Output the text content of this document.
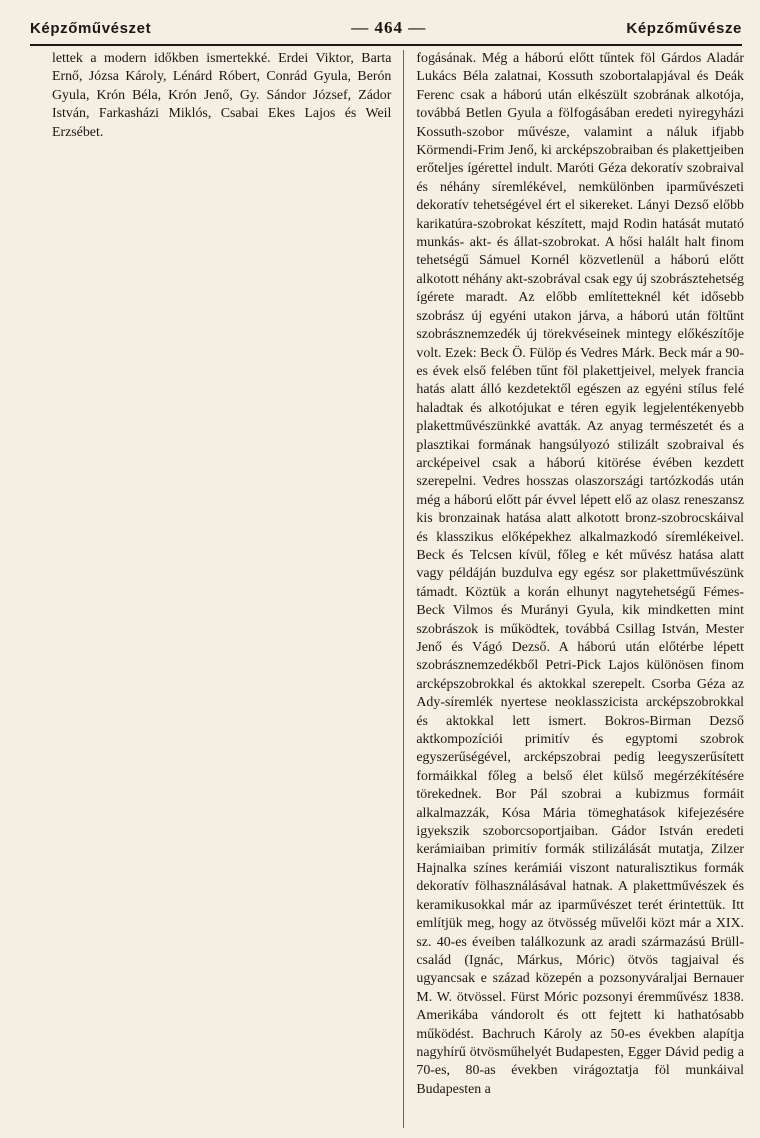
Képzőművészet	— 464 —	Képzőművésze

lettek a modern időkben ismertekké. Erdei Viktor, Barta Ernő, Józsa Károly, Lénárd Róbert, Conrád Gyula, Berón Gyula, Krón Béla, Krón Jenő, Gy. Sándor József, Zádor István, Farkasházi Miklós, Csabai Ekes Lajos és Weil Erzsébet.

fogásának. Még a háború előtt tűntek föl Gárdos Aladár Lukács Béla zalatnai, Kossuth szobortalapjával és Deák Ferenc csak a háború után elkészült szobrának alkotója, továbbá Betlen Gyula a fölfogásában eredeti nyiregyházi Kossuth-szobor művésze, valamint a náluk ifjabb Körmendi-Frim Jenő, ki arcképszobraiban és plakettjeiben erőteljes ígérettel indult. Maróti Géza dekoratív szobraival és néhány síremlékével, nemkülönben iparművészeti dekoratív tehetségével ért el sikereket. Lányi Dezső előbb karikatúra-szobrokat készített, majd Rodin hatását mutató munkás- akt- és állat-szobrokat. A hősi halált halt finom tehetségű Sámuel Kornél közvetlenül a háború előtt alkotott néhány akt-szobrával csak egy új szobrásztehetség ígérete maradt. Az előbb említetteknél két idősebb szobrász új egyéni utakon járva, a háború után föltűnt szobrásznemzedék új törekvéseinek mintegy előkészítője volt. Ezek: Beck Ö. Fülöp és Vedres Márk. Beck már a 90-es évek első felében tűnt föl plakettjeivel, melyek francia hatás alatt álló kezdetektől egészen az egyéni stílus felé haladtak és alkotójukat e téren egyik legjelentékenyebb plakettművészünkké avatták. Az anyag természetét és a plasztikai formának hangsúlyozó stilizált szobraival és arcképeivel csak a háború kitörése évében kezdett szerepelni. Vedres hosszas olaszországi tartózkodás után még a háború előtt pár évvel lépett elő az olasz reneszansz kis bronzainak hatása alatt alkotott bronz-szobrocskáival és klasszikus előképekhez alkalmazkodó síremlékeivel. Beck és Telcsen kívül, főleg e két művész hatása alatt vagy példáján buzdulva egy egész sor plakettművészünk támadt. Köztük a korán elhunyt nagytehetségű Fémes-Beck Vilmos és Murányi Gyula, kik mindketten mint szobrászok is működtek, továbbá Csillag István, Mester Jenő és Vágó Dezső. A háború után előtérbe lépett szobrásznemzedékből Petri-Pick Lajos különösen finom arcképszobrokkal és aktokkal szerepelt. Csorba Géza az Ady-síremlék nyertese neoklasszicista arcképszobrokkal és aktokkal lett ismert. Bokros-Birman Dezső aktkompozíciói primitív és egyptomi szobrok egyszerűségével, arcképszobrai pedig leegyszerűsített formáikkal főleg a belső élet külső megérzékítésére törekednek. Bor Pál szobrai a kubizmus formáit alkalmazzák, Kósa Mária tömeghatások kifejezésére igyekszik szoborcsoportjaiban. Gádor István eredeti kerámiaiban primitív formák stilizálását mutatja, Zilzer Hajnalka színes kerámiái viszont naturalisztikus formák dekoratív fölhasználásával hatnak. A plakettművészek és keramikusokkal már az iparművészet terét érintettük. Itt említjük meg, hogy az ötvösség művelői közt már a XIX. sz. 40-es éveiben találkozunk az aradi származású Brüll-család (Ignác, Márkus, Móric) ötvös tagjaival és ugyancsak e század közepén a pozsonyváraljai Bernauer M. W. ötvössel. Fürst Móric pozsonyi éremművész 1838. Amerikába vándorolt és ott fejtett ki hathatósabb működést. Bachruch Károly az 50-es években alapítja nagyhírű ötvösműhelyét Budapesten, Egger Dávid pedig a 70-es, 80-as években virágoztatja föl munkáival Budapesten a
